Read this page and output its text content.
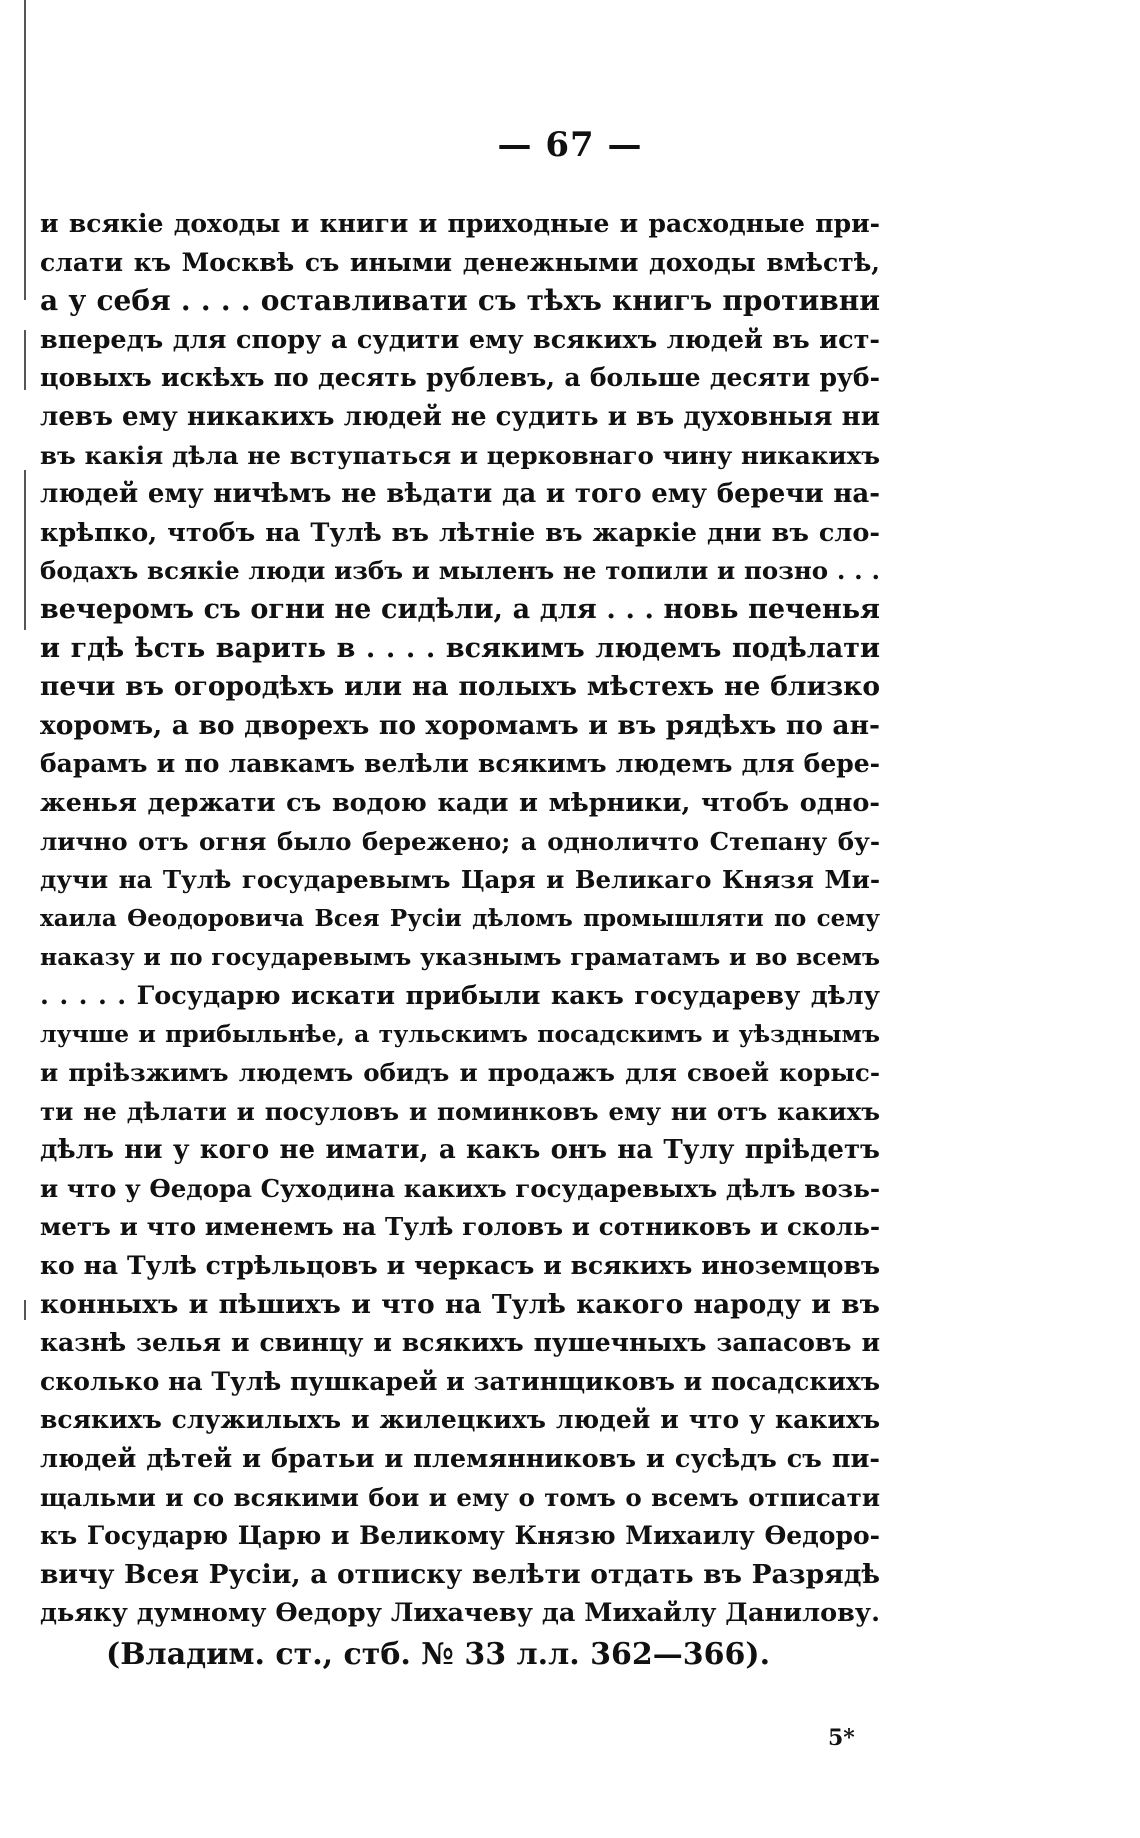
— 67 —
и всякіе доходы и книги и приходные и расходные при-
слати къ Москвѣ съ иными денежными доходы вмѣстѣ,
а у себя . . . . оставливати съ тѣхъ книгъ противни
впередъ для спору а судити ему всякихъ людей въ ист-
цовыхъ искѣхъ по десять рублевъ, а больше десяти руб-
левъ ему никакихъ людей не судить и въ духовныя ни
въ какія дѣла не вступаться и церковнаго чину никакихъ
людей ему ничѣмъ не вѣдати да и того ему беречи на-
крѣпко, чтобъ на Тулѣ въ лѣтніе въ жаркіе дни въ сло-
бодахъ всякіе люди избъ и мыленъ не топили и позно . . .
вечеромъ съ огни не сидѣли, а для . . . новь печенья
и гдѣ ѣсть варить в . . . . всякимъ людемъ подѣлати
печи въ огородѣхъ или на полыхъ мѣстехъ не близко
хоромъ, а во дворехъ по хоромамъ и въ рядѣхъ по ан-
барамъ и по лавкамъ велѣли всякимъ людемъ для бере-
женья держати съ водою кади и мѣрники, чтобъ одно-
лично отъ огня было бережено; а одноличто Степану бу-
дучи на Тулѣ государевымъ Царя и Великаго Князя Ми-
хаила Ѳеодоровича Всея Русіи дѣломъ промышляти по сему
наказу и по государевымъ указнымъ граматамъ и во всемъ
. . . . . Государю искати прибыли какъ государеву дѣлу
лучше и прибыльнѣе, а тульскимъ посадскимъ и уѣзднымъ
и пріѣзжимъ людемъ обидъ и продажъ для своей корыс-
ти не дѣлати и посуловъ и поминковъ ему ни отъ какихъ
дѣлъ ни у кого не имати, а какъ онъ на Тулу пріѣдетъ
и что у Ѳедора Суходина какихъ государевыхъ дѣлъ возь-
метъ и что именемъ на Тулѣ головъ и сотниковъ и сколь-
ко на Тулѣ стрѣльцовъ и черкасъ и всякихъ иноземцовъ
конныхъ и пѣшихъ и что на Тулѣ какого народу и въ
казнѣ зелья и свинцу и всякихъ пушечныхъ запасовъ и
сколько на Тулѣ пушкарей и затинщиковъ и посадскихъ
всякихъ служилыхъ и жилецкихъ людей и что у какихъ
людей дѣтей и братьи и племянниковъ и сусѣдъ съ пи-
щальми и со всякими бои и ему о томъ о всемъ отписати
къ Государю Царю и Великому Князю Михаилу Ѳедоро-
вичу Всея Русіи, а отписку велѣти отдать въ Разрядѣ
дьяку думному Ѳедору Лихачеву да Михайлу Данилову.
(Владим. ст., стб. № 33 л.л. 362—366).
5*
